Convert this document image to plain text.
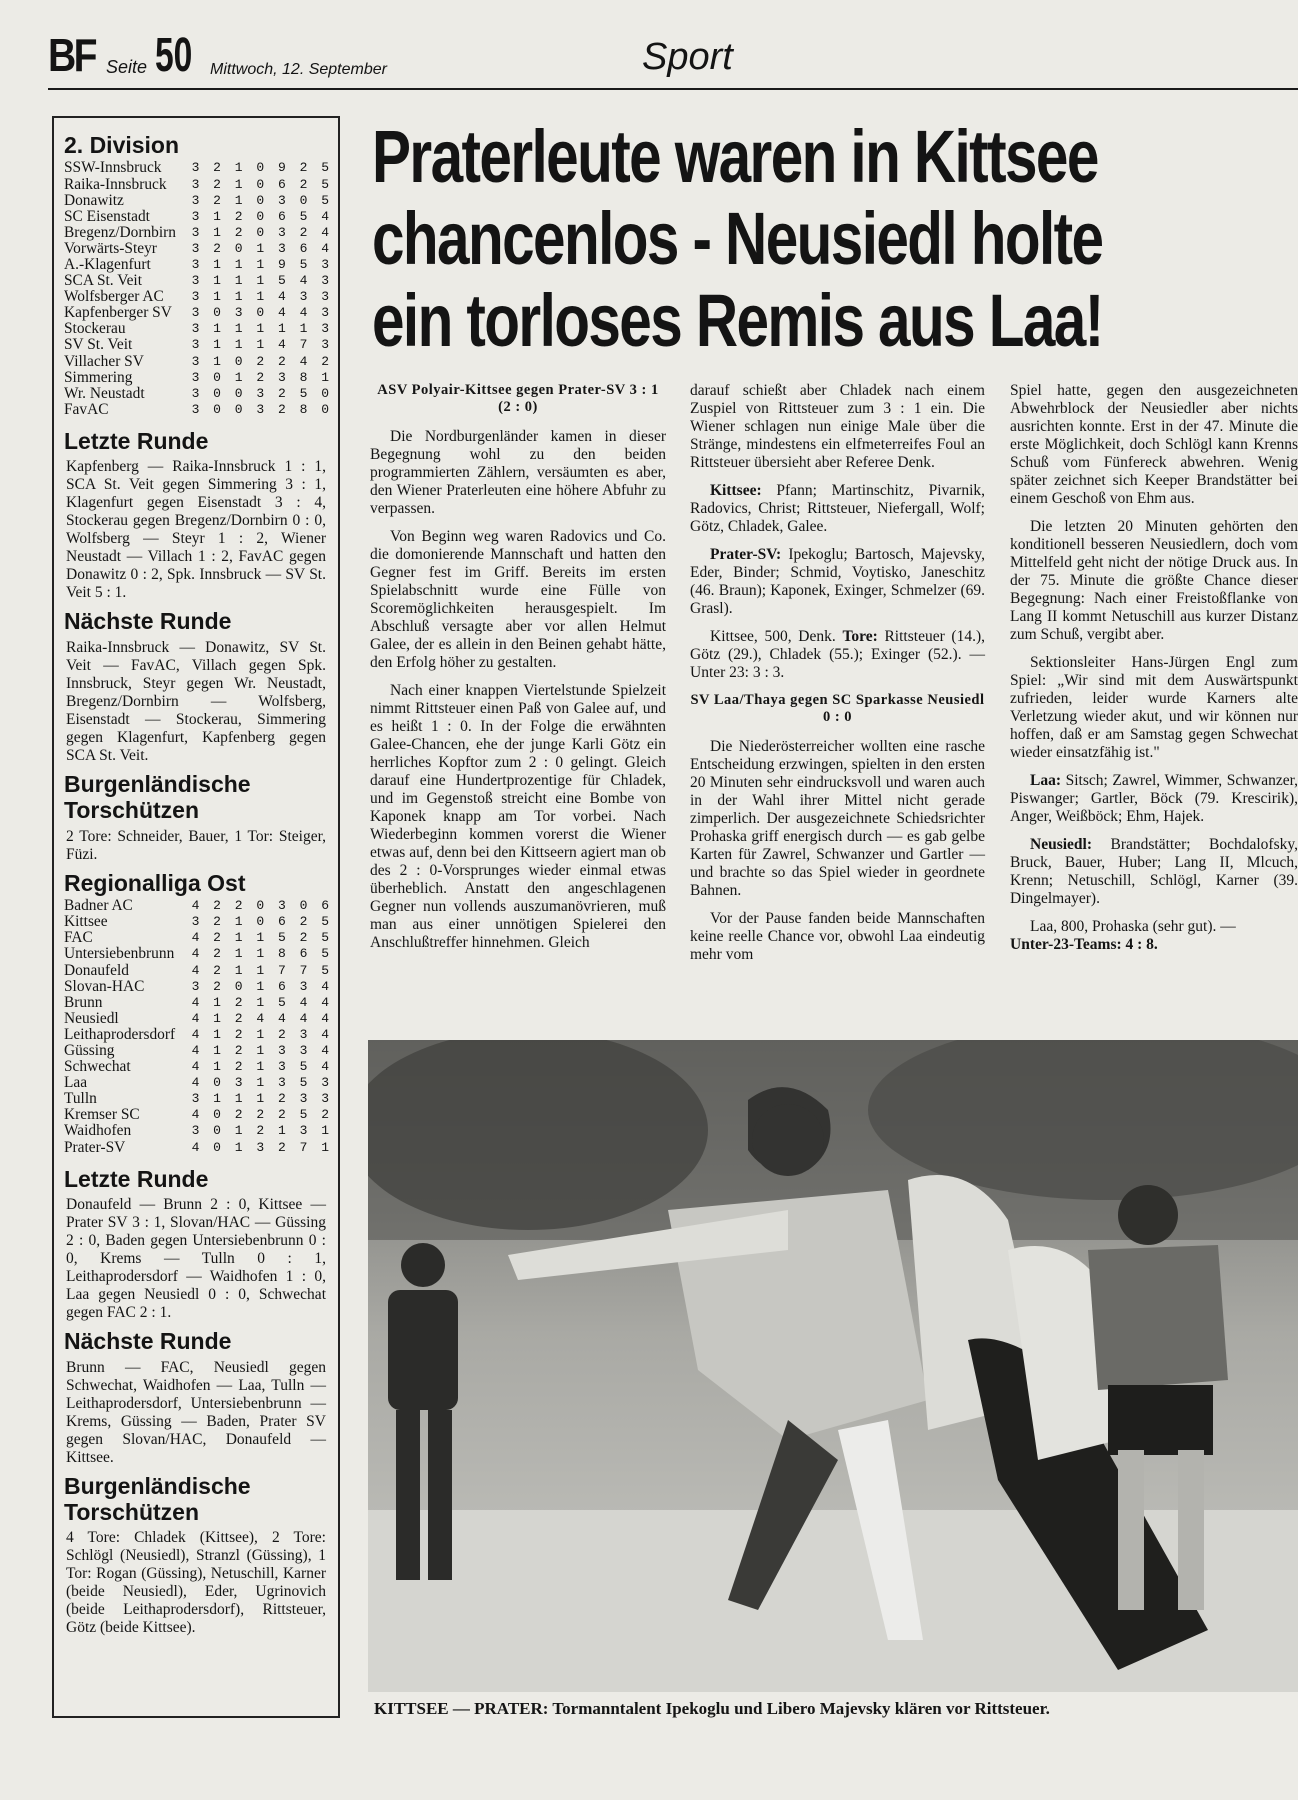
BF Seite 50 Mittwoch, 12. September	Sport
2. Division
SSW-Innsbruck 3 2 1 0 9 2 5
Raika-Innsbruck 3 2 1 0 6 2 5
Donawitz	3 2 1 0 3 0 5
SC Eisenstadt	3 1 2 0 6 5 4
Bregenz/Dornbirn 3 1 2 0 3 2 4
Vorwärts-Steyr	3 2 0 1 3 6 4
A.-Klagenfurt	3 1 1 1 9 5 3
SCA St. Veit	3 1 1 1 5 4 3
Wolfsberger AC 3 1 1 1 4 3 3
Kapfenberger SV 3 0 3 0 4 4 3
Stockerau	3 1 1 1 1 1 3
SV St. Veit	3 1 1 1 4 7 3
Villacher SV	3 1 0 2 2 4 2
Simmering	3 0 1 2 3 8 1
Wr. Neustadt	3 0 0 3 2 5 0
FavAC	3 0 0 3 2 8 0
Letzte Runde
Kapfenberg — Raika-Innsbruck 1 : 1, SCA St. Veit gegen Simmering 3 : 1, Klagenfurt gegen Eisenstadt 3 : 4, Stockerau gegen Bregenz/Dornbirn 0 : 0, Wolfsberg — Steyr 1 : 2, Wiener Neustadt — Villach 1 : 2, FavAC gegen Donawitz 0 : 2, Spk. Innsbruck — SV St. Veit 5 : 1.
Nächste Runde
Raika-Innsbruck — Donawitz, SV St. Veit — FavAC, Villach gegen Spk. Innsbruck, Steyr gegen Wr. Neustadt, Bregenz/Dornbirn — Wolfsberg, Eisenstadt — Stockerau, Simmering gegen Klagenfurt, Kapfenberg gegen SCA St. Veit.
Burgenländische Torschützen
2 Tore: Schneider, Bauer, 1 Tor: Steiger, Füzi.
Regionalliga Ost
Badner AC	4 2 2 0 3 0 6
Kittsee	3 2 1 0 6 2 5
FAC	4 2 1 1 5 2 5
Untersiebenbrunn 4 2 1 1 8 6 5
Donaufeld	4 2 1 1 7 7 5
Slovan-HAC	3 2 0 1 6 3 4
Brunn	4 1 2 1 5 4 4
Neusiedl	4 1 2 4 4 4 4
Leithaprodersdorf 4 1 2 1 2 3 4
Güssing	4 1 2 1 3 3 4
Schwechat	4 1 2 1 3 5 4
Laa	4 0 3 1 3 5 3
Tulln	3 1 1 1 2 3 3
Kremser SC	4 0 2 2 2 5 2
Waidhofen	3 0 1 2 1 3 1
Prater-SV	4 0 1 3 2 7 1
Letzte Runde
Donaufeld — Brunn 2 : 0, Kittsee — Prater SV 3 : 1, Slovan/HAC — Güssing 2 : 0, Baden gegen Untersiebenbrunn 0 : 0, Krems — Tulln 0 : 1, Leithaprodersdorf — Waidhofen 1 : 0, Laa gegen Neusiedl 0 : 0, Schwechat gegen FAC 2 : 1.
Nächste Runde
Brunn — FAC, Neusiedl gegen Schwechat, Waidhofen — Laa, Tulln — Leithaprodersdorf, Untersiebenbrunn — Krems, Güssing — Baden, Prater SV gegen Slovan/HAC, Donaufeld — Kittsee.
Burgenländische Torschützen
4 Tore: Chladek (Kittsee), 2 Tore: Schlögl (Neusiedl), Stranzl (Güssing), 1 Tor: Rogan (Güssing), Netuschill, Karner (beide Neusiedl), Eder, Ugrinovich (beide Leithaprodersdorf), Rittsteuer, Götz (beide Kittsee).
Praterleute waren in Kittsee
chancenlos - Neusiedl holte
ein torloses Remis aus Laa!
ASV Polyair-Kittsee gegen Prater-SV 3 : 1 (2 : 0)

Die Nordburgenländer kamen in dieser Begegnung wohl zu den beiden programmierten Zählern, versäumten es aber, den Wiener Praterleuten eine höhere Abfuhr zu verpassen.

Von Beginn weg waren Radovics und Co. die domonierende Mannschaft und hatten den Gegner fest im Griff. Bereits im ersten Spielabschnitt wurde eine Fülle von Scoremöglichkeiten herausgespielt. Im Abschluß versagte aber vor allen Helmut Galee, der es allein in den Beinen gehabt hätte, den Erfolg höher zu gestalten.

Nach einer knappen Viertelstunde Spielzeit nimmt Rittsteuer einen Paß von Galee auf, und es heißt 1 : 0. In der Folge die erwähnten Galee-Chancen, ehe der junge Karli Götz ein herrliches Kopftor zum 2 : 0 gelingt. Gleich darauf eine Hundertprozentige für Chladek, und im Gegenstoß streicht eine Bombe von Kaponek knapp am Tor vorbei. Nach Wiederbeginn kommen vorerst die Wiener etwas auf, denn bei den Kittseern agiert man ob des 2 : 0-Vorsprunges wieder einmal etwas überheblich. Anstatt den angeschlagenen Gegner nun vollends auszumanövrieren, muß man aus einer unnötigen Spielerei den Anschlußtreffer hinnehmen. Gleich

darauf schießt aber Chladek nach einem Zuspiel von Rittsteuer zum 3 : 1 ein. Die Wiener schlagen nun einige Male über die Stränge, mindestens ein elfmeterreifes Foul an Rittsteuer übersieht aber Referee Denk.

Kittsee: Pfann; Martinschitz, Pivarnik, Radovics, Christ; Rittsteuer, Niefergall, Wolf; Götz, Chladek, Galee.

Prater-SV: Ipekoglu; Bartosch, Majevsky, Eder, Binder; Schmid, Voytisko, Janeschitz (46. Braun); Kaponek, Exinger, Schmelzer (69. Grasl).

Kittsee, 500, Denk. Tore: Rittsteuer (14.), Götz (29.), Chladek (55.); Exinger (52.). — Unter 23: 3 : 3.

SV Laa/Thaya gegen SC Sparkasse Neusiedl 0 : 0

Die Niederösterreicher wollten eine rasche Entscheidung erzwingen, spielten in den ersten 20 Minuten sehr eindrucksvoll und waren auch in der Wahl ihrer Mittel nicht gerade zimperlich. Der ausgezeichnete Schiedsrichter Prohaska griff energisch durch — es gab gelbe Karten für Zawrel, Schwanzer und Gartler — und brachte so das Spiel wieder in geordnete Bahnen.

Vor der Pause fanden beide Mannschaften keine reelle Chance vor, obwohl Laa eindeutig mehr vom

Spiel hatte, gegen den ausgezeichneten Abwehrblock der Neusiedler aber nichts ausrichten konnte. Erst in der 47. Minute die erste Möglichkeit, doch Schlögl kann Krenns Schuß vom Fünfereck abwehren. Wenig später zeichnet sich Keeper Brandstätter bei einem Geschoß von Ehm aus.

Die letzten 20 Minuten gehörten den konditionell besseren Neusiedlern, doch vom Mittelfeld geht nicht der nötige Druck aus. In der 75. Minute die größte Chance dieser Begegnung: Nach einer Freistoßflanke von Lang II kommt Netuschill aus kurzer Distanz zum Schuß, vergibt aber.

Sektionsleiter Hans-Jürgen Engl zum Spiel: „Wir sind mit dem Auswärtspunkt zufrieden, leider wurde Karners alte Verletzung wieder akut, und wir können nur hoffen, daß er am Samstag gegen Schwechat wieder einsatzfähig ist."

Laa: Sitsch; Zawrel, Wimmer, Schwanzer, Piswanger; Gartler, Böck (79. Krescirik), Anger, Weißböck; Ehm, Hajek.

Neusiedl: Brandstätter; Bochdalofsky, Bruck, Bauer, Huber; Lang II, Mlcuch, Krenn; Netuschill, Schlögl, Karner (39. Dingelmayer).

Laa, 800, Prohaska (sehr gut). —
Unter-23-Teams: 4 : 8.

KITTSEE — PRATER: Tormanntalent Ipekoglu und Libero Majevsky klären vor Rittsteuer.
